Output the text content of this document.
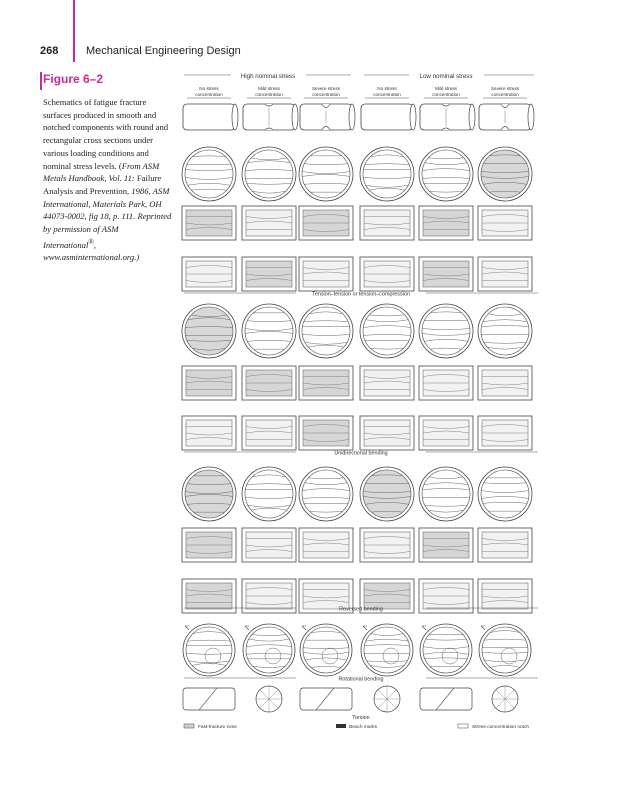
268	Mechanical Engineering Design
Figure 6–2
Schematics of fatigue fracture surfaces produced in smooth and notched components with round and rectangular cross sections under various loading conditions and nominal stress levels. (From ASM Metals Handbook, Vol. 11: Failure Analysis and Prevention, 1986, ASM International, Materials Park, OH 44073-0002, fig 18, p. 111. Reprinted by permission of ASM International®, www.asminternational.org.)
High nominal stress	Low nominal stress
No stress
concentration
Mild stress
concentration
Severe stress
concentration
No stress
concentration
Mild stress
concentration
Severe stress
concentration
Tension–tension or tension–compression
Unidirectional bending
Reversed bending
Rotational bending
Torsion
Fast-fracture zone	Beach marks	Stress-concentration notch
